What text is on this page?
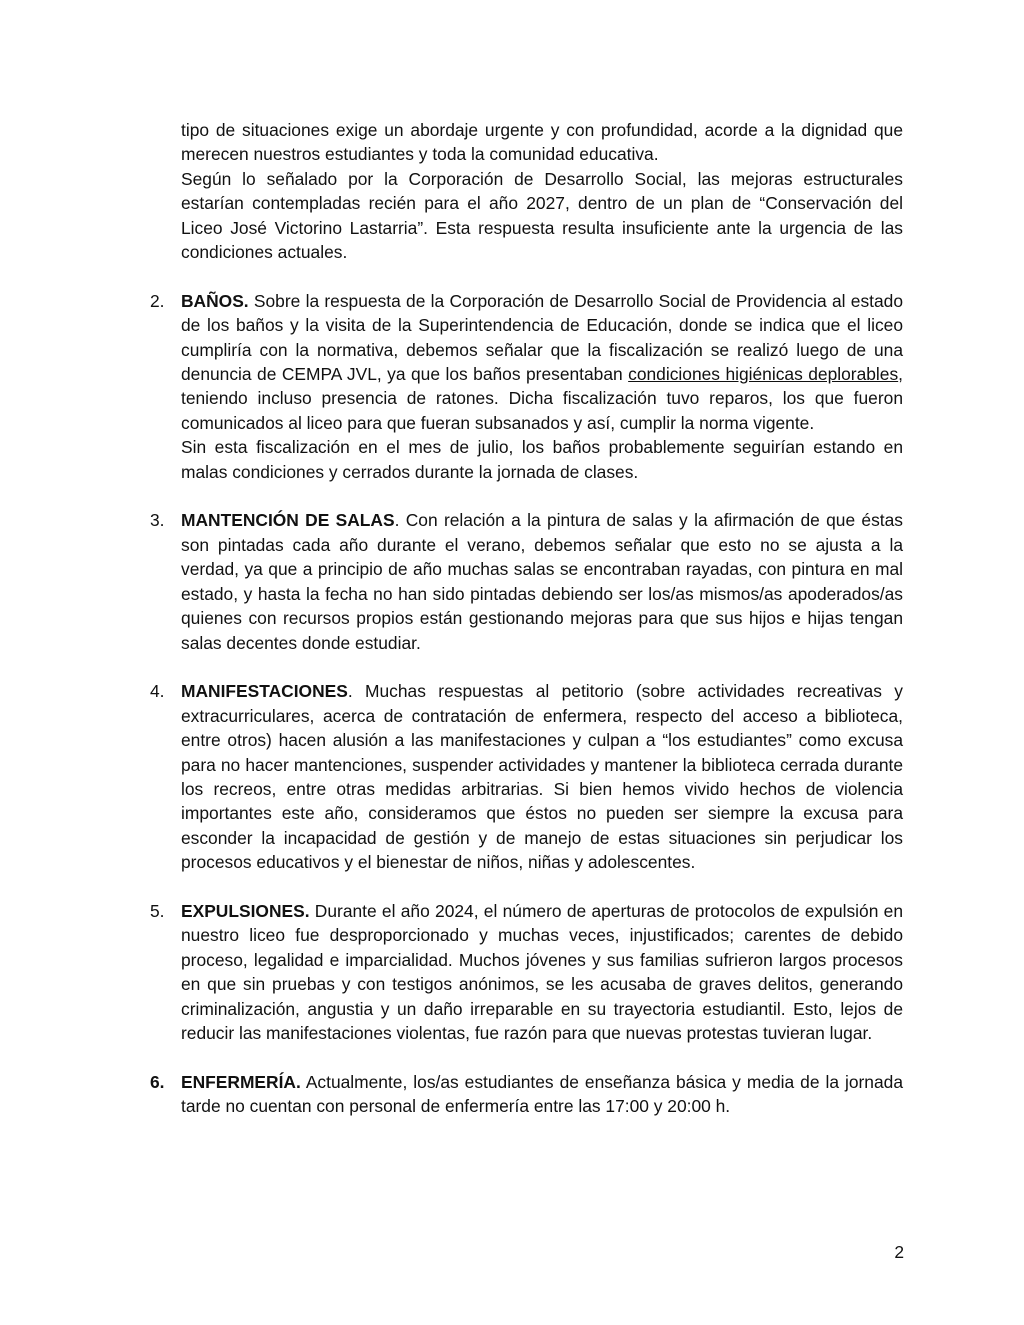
tipo de situaciones exige un abordaje urgente y con profundidad, acorde a la dignidad que merecen nuestros estudiantes y toda la comunidad educativa.

Según lo señalado por la Corporación de Desarrollo Social, las mejoras estructurales estarían contempladas recién para el año 2027, dentro de un plan de “Conservación del Liceo José Victorino Lastarria”. Esta respuesta resulta insuficiente ante la urgencia de las condiciones actuales.

2. BAÑOS. Sobre la respuesta de la Corporación de Desarrollo Social de Providencia al estado de los baños y la visita de la Superintendencia de Educación, donde se indica que el liceo cumpliría con la normativa, debemos señalar que la fiscalización se realizó luego de una denuncia de CEMPA JVL, ya que los baños presentaban condiciones higiénicas deplorables, teniendo incluso presencia de ratones. Dicha fiscalización tuvo reparos, los que fueron comunicados al liceo para que fueran subsanados y así, cumplir la norma vigente.

Sin esta fiscalización en el mes de julio, los baños probablemente seguirían estando en malas condiciones y cerrados durante la jornada de clases.

3. MANTENCIÓN DE SALAS. Con relación a la pintura de salas y la afirmación de que éstas son pintadas cada año durante el verano, debemos señalar que esto no se ajusta a la verdad, ya que a principio de año muchas salas se encontraban rayadas, con pintura en mal estado, y hasta la fecha no han sido pintadas debiendo ser los/as mismos/as apoderados/as quienes con recursos propios están gestionando mejoras para que sus hijos e hijas tengan salas decentes donde estudiar.

4. MANIFESTACIONES. Muchas respuestas al petitorio (sobre actividades recreativas y extracurriculares, acerca de contratación de enfermera, respecto del acceso a biblioteca, entre otros) hacen alusión a las manifestaciones y culpan a “los estudiantes” como excusa para no hacer mantenciones, suspender actividades y mantener la biblioteca cerrada durante los recreos, entre otras medidas arbitrarias. Si bien hemos vivido hechos de violencia importantes este año, consideramos que éstos no pueden ser siempre la excusa para esconder la incapacidad de gestión y de manejo de estas situaciones sin perjudicar los procesos educativos y el bienestar de niños, niñas y adolescentes.

5. EXPULSIONES. Durante el año 2024, el número de aperturas de protocolos de expulsión en nuestro liceo fue desproporcionado y muchas veces, injustificados; carentes de debido proceso, legalidad e imparcialidad. Muchos jóvenes y sus familias sufrieron largos procesos en que sin pruebas y con testigos anónimos, se les acusaba de graves delitos, generando criminalización, angustia y un daño irreparable en su trayectoria estudiantil. Esto, lejos de reducir las manifestaciones violentas, fue razón para que nuevas protestas tuvieran lugar.

6. ENFERMERÍA. Actualmente, los/as estudiantes de enseñanza básica y media de la jornada tarde no cuentan con personal de enfermería entre las 17:00 y 20:00 h.

2
